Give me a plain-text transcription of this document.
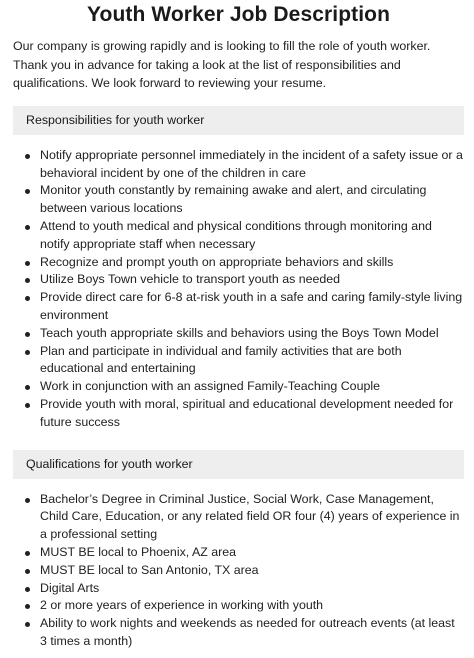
Youth Worker Job Description

Our company is growing rapidly and is looking to fill the role of youth worker. Thank you in advance for taking a look at the list of responsibilities and qualifications. We look forward to reviewing your resume.

Responsibilities for youth worker
Notify appropriate personnel immediately in the incident of a safety issue or a behavioral incident by one of the children in care
Monitor youth constantly by remaining awake and alert, and circulating between various locations
Attend to youth medical and physical conditions through monitoring and notify appropriate staff when necessary
Recognize and prompt youth on appropriate behaviors and skills
Utilize Boys Town vehicle to transport youth as needed
Provide direct care for 6-8 at-risk youth in a safe and caring family-style living environment
Teach youth appropriate skills and behaviors using the Boys Town Model
Plan and participate in individual and family activities that are both educational and entertaining
Work in conjunction with an assigned Family-Teaching Couple
Provide youth with moral, spiritual and educational development needed for future success
Qualifications for youth worker
Bachelor’s Degree in Criminal Justice, Social Work, Case Management, Child Care, Education, or any related field OR four (4) years of experience in a professional setting
MUST BE local to Phoenix, AZ area
MUST BE local to San Antonio, TX area
Digital Arts
2 or more years of experience in working with youth
Ability to work nights and weekends as needed for outreach events (at least 3 times a month)
